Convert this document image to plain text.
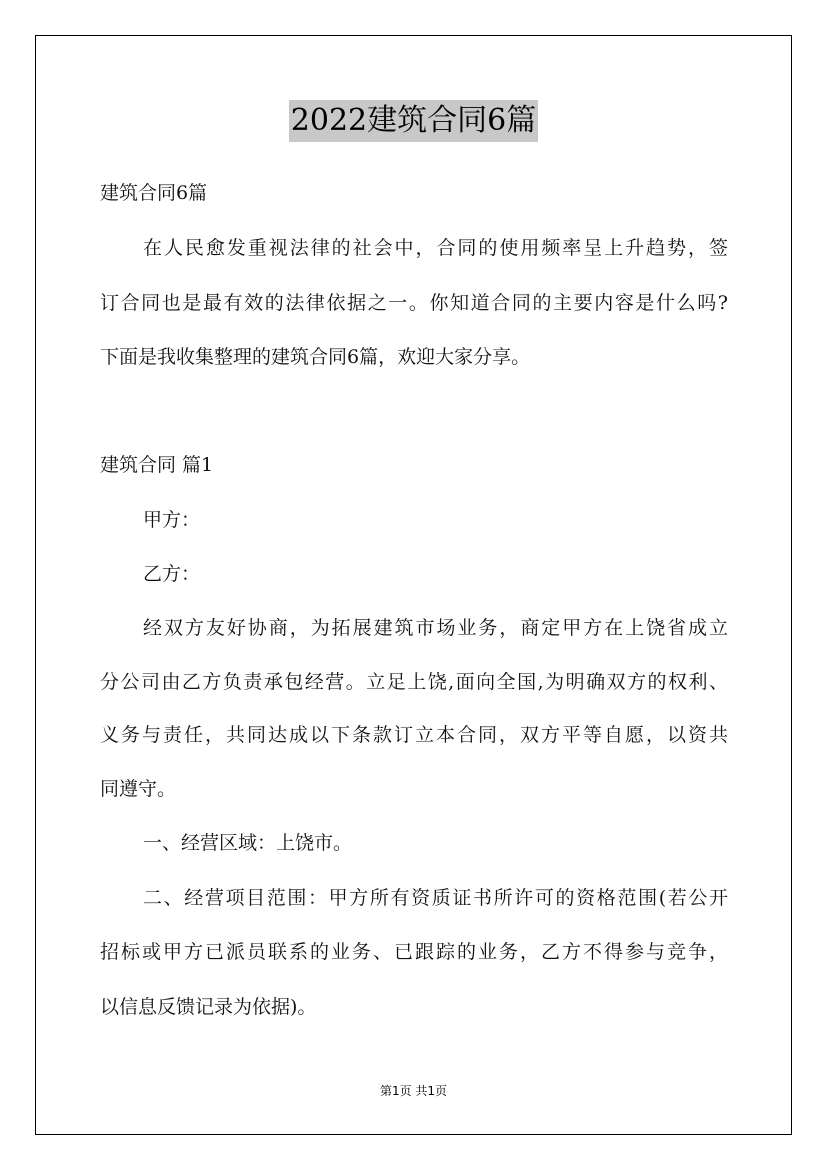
2022建筑合同6篇
建筑合同6篇
在人民愈发重视法律的社会中，合同的使用频率呈上升趋势，签
订合同也是最有效的法律依据之一。你知道合同的主要内容是什么吗?
下面是我收集整理的建筑合同6篇，欢迎大家分享。
建筑合同 篇1
甲方：
乙方：
经双方友好协商，为拓展建筑市场业务，商定甲方在上饶省成立
分公司由乙方负责承包经营。立足上饶,面向全国,为明确双方的权利、
义务与责任，共同达成以下条款订立本合同，双方平等自愿，以资共
同遵守。
一、经营区域：上饶市。
二、经营项目范围：甲方所有资质证书所许可的资格范围(若公开
招标或甲方已派员联系的业务、已跟踪的业务，乙方不得参与竞争，
以信息反馈记录为依据)。
第1页 共1页
